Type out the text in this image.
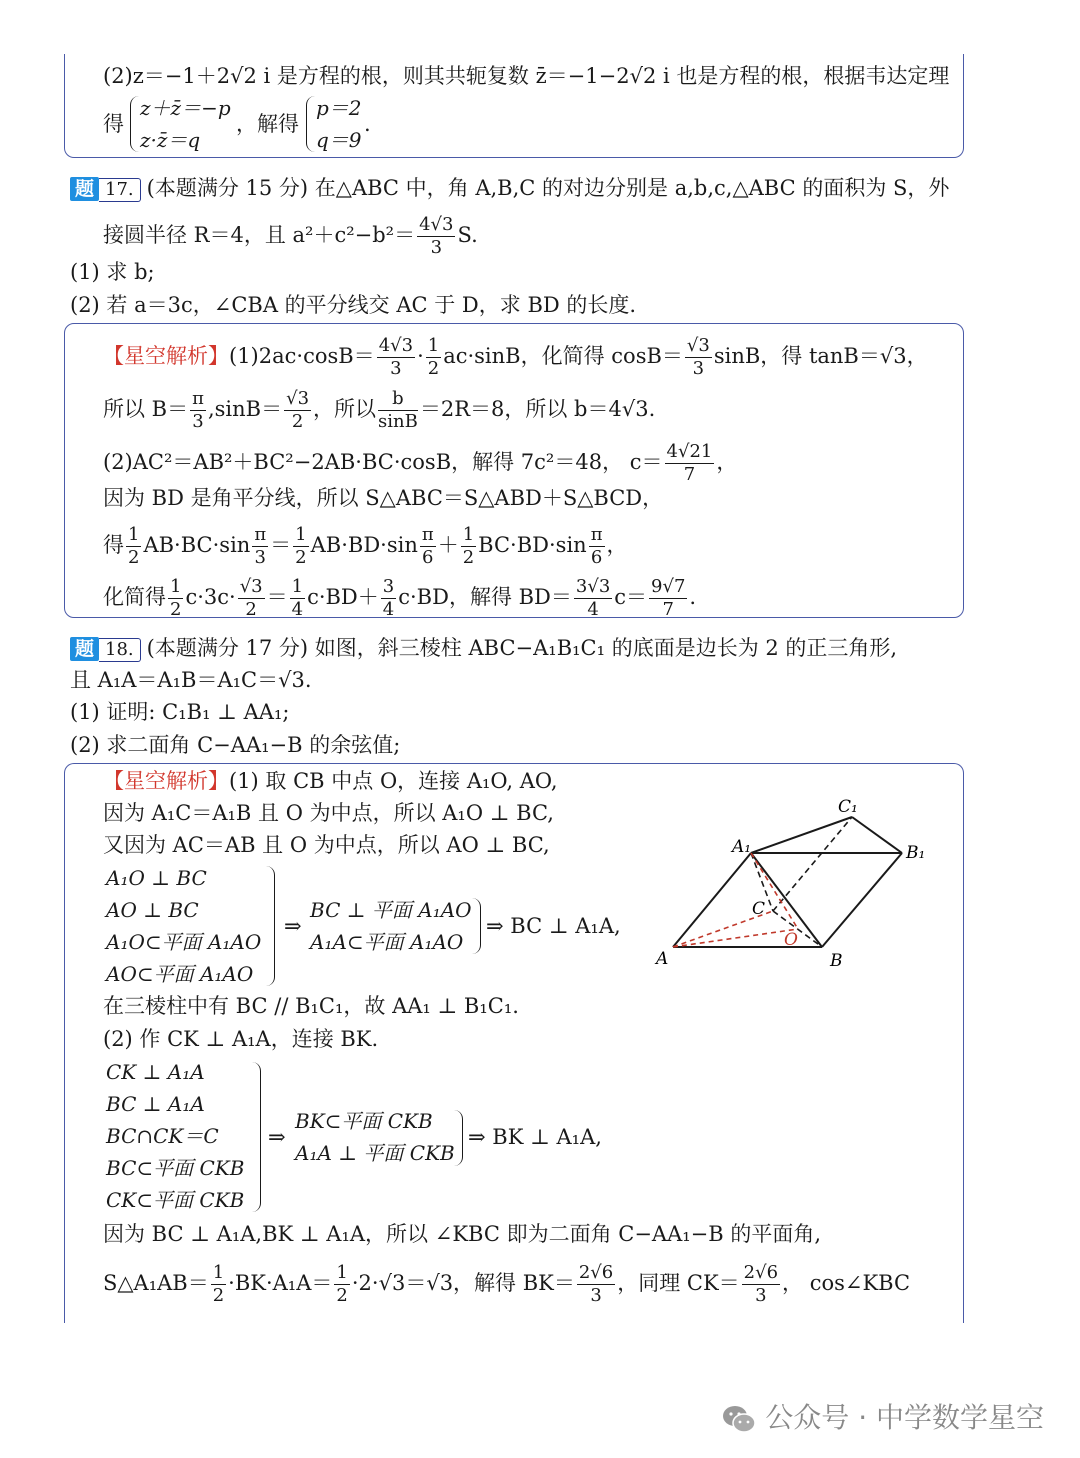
(2)z＝−1＋2√2 i 是方程的根，则其共轭复数 z̄＝−1−2√2 i 也是方程的根，根据韦达定理
得
z＋z̄＝−p
z·z̄＝q
，解得
p＝2
q＝9
.
题 17. (本题满分 15 分) 在△ABC 中，角 A,B,C 的对边分别是 a,b,c,△ABC 的面积为 S，外
接圆半径 R＝4，且 $a^2+c^2-b^2= \frac{4√3}{3} S$.
(1) 求 b;
(2) 若 a＝3c，∠CBA 的平分线交 AC 于 D，求 BD 的长度.
【星空解析】$(1)2ac\cdot\cos B= \frac{4√3}{3} \cdot \frac{1}{2} ac\cdot\sin B$，化简得 $\cos B= \frac{√3}{3}$ sinB，得 tanB＝√3，
所以 $B= \frac{\pi}{3} ,\sin B= \frac{√3}{2}$ ，所以 $\frac{b}{\sin B} =2R=8$，所以 b＝4√3.
(2)AC²＝AB²＋BC²−2AB·BC·cosB，解得 7c²＝48， $c= \frac{4√21}{7}$ ，
因为 BD 是角平分线，所以 S△ABC＝S△ABD＋S△BCD，
得 $\frac{1}{2} AB\cdot BC\cdot\sin \frac{\pi}{3} = \frac{1}{2} AB\cdot BD\cdot\sin \frac{\pi}{6} + \frac{1}{2} BC\cdot BD\cdot\sin \frac{\pi}{6}$ ，
化简得 $\frac{1}{2} c\cdot 3c\cdot \frac{√3}{2} = \frac{1}{4} c\cdot BD+ \frac{3}{4} c\cdot BD$，解得 $BD= \frac{3√3}{4} c= \frac{9√7}{7}$ .
题 18. (本题满分 17 分) 如图，斜三棱柱 ABC−A₁B₁C₁ 的底面是边长为 2 的正三角形,
且 A₁A＝A₁B＝A₁C＝√3.
(1) 证明: C₁B₁ ⊥ AA₁;
(2) 求二面角 C−AA₁−B 的余弦值;
【星空解析】(1) 取 CB 中点 O，连接 A₁O, AO,
因为 A₁C＝A₁B 且 O 为中点，所以 A₁O ⊥ BC,
又因为 AC＝AB 且 O 为中点，所以 AO ⊥ BC,
A₁O ⊥ BC
AO ⊥ BC
A₁O⊂平面 A₁AO
AO⊂平面 A₁AO
⇒
BC ⊥ 平面 A₁AO
A₁A⊂平面 A₁AO
⇒ BC ⊥ A₁A,
在三棱柱中有 BC // B₁C₁，故 AA₁ ⊥ B₁C₁.
(2) 作 CK ⊥ A₁A，连接 BK.
CK ⊥ A₁A
BC ⊥ A₁A
BC∩CK＝C
BC⊂平面 CKB
CK⊂平面 CKB
⇒
BK⊂平面 CKB
A₁A ⊥ 平面 CKB
⇒ BK ⊥ A₁A,
因为 BC ⊥ A₁A,BK ⊥ A₁A，所以 ∠KBC 即为二面角 C−AA₁−B 的平面角,
S△A₁AB＝ $\frac{1}{2} \cdot BK\cdot A_1A= \frac{1}{2} \cdot 2\cdot√3=√3$，解得 $BK= \frac{2√6}{3}$ ，同理 $CK= \frac{2√6}{3}$ ， cos∠KBC
A	B
C
A₁	B₁
C₁
O
公众号 · 中学数学星空
